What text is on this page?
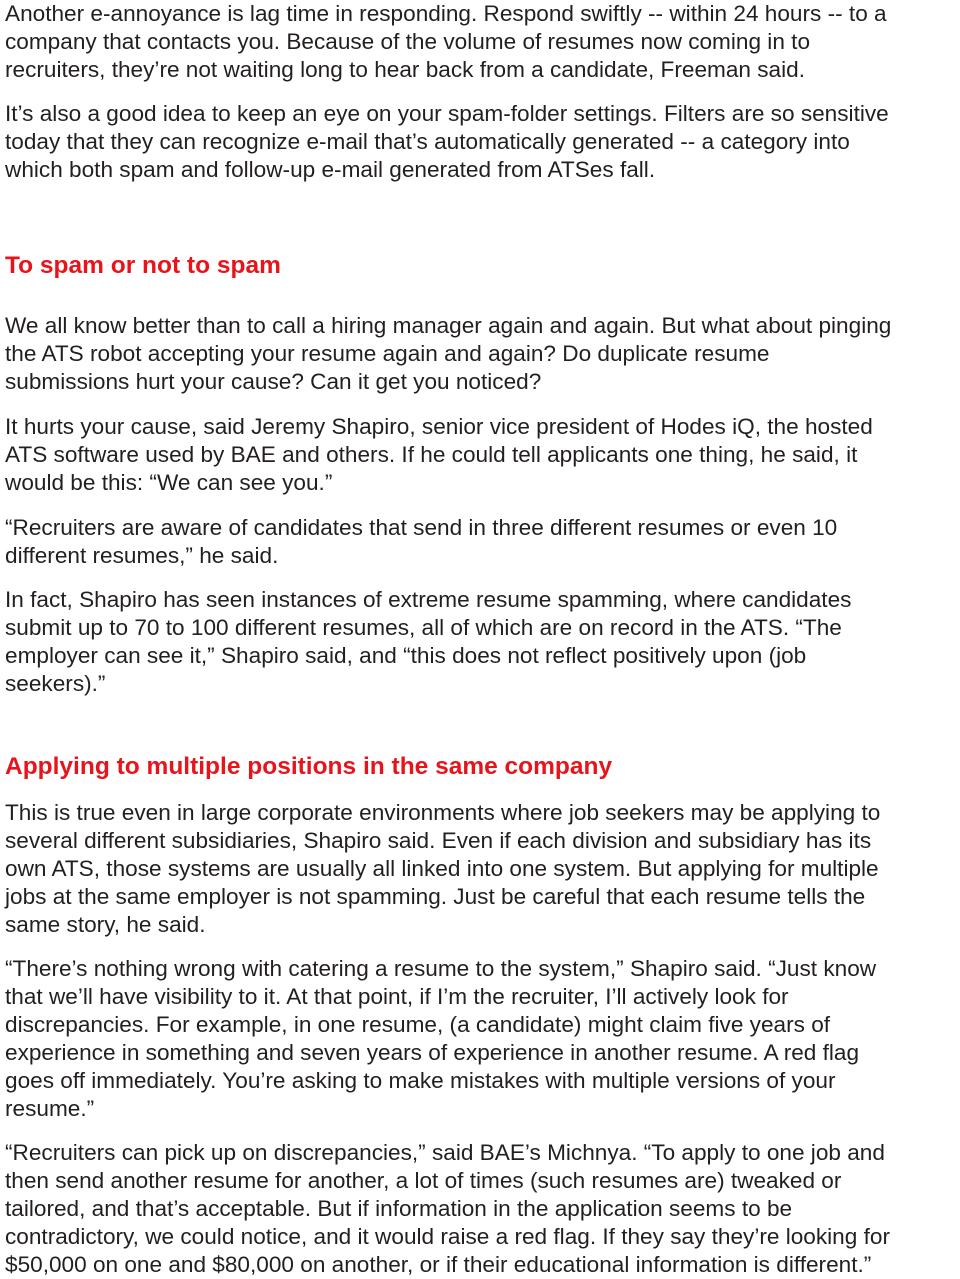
Another e-annoyance is lag time in responding. Respond swiftly -- within 24 hours -- to a
company that contacts you. Because of the volume of resumes now coming in to
recruiters, they’re not waiting long to hear back from a candidate, Freeman said.
It’s also a good idea to keep an eye on your spam-folder settings. Filters are so sensitive
today that they can recognize e-mail that’s automatically generated -- a category into
which both spam and follow-up e-mail generated from ATSes fall.
To spam or not to spam
We all know better than to call a hiring manager again and again. But what about pinging
the ATS robot accepting your resume again and again? Do duplicate resume
submissions hurt your cause? Can it get you noticed?
It hurts your cause, said Jeremy Shapiro, senior vice president of Hodes iQ, the hosted
ATS software used by BAE and others. If he could tell applicants one thing, he said, it
would be this: “We can see you.”
“Recruiters are aware of candidates that send in three different resumes or even 10
different resumes,” he said.
In fact, Shapiro has seen instances of extreme resume spamming, where candidates
submit up to 70 to 100 different resumes, all of which are on record in the ATS. “The
employer can see it,” Shapiro said, and “this does not reflect positively upon (job
seekers).”
Applying to multiple positions in the same company
This is true even in large corporate environments where job seekers may be applying to
several different subsidiaries, Shapiro said. Even if each division and subsidiary has its
own ATS, those systems are usually all linked into one system. But applying for multiple
jobs at the same employer is not spamming. Just be careful that each resume tells the
same story, he said.
“There’s nothing wrong with catering a resume to the system,” Shapiro said. “Just know
that we’ll have visibility to it. At that point, if I’m the recruiter, I’ll actively look for
discrepancies. For example, in one resume, (a candidate) might claim five years of
experience in something and seven years of experience in another resume. A red flag
goes off immediately. You’re asking to make mistakes with multiple versions of your
resume.”
“Recruiters can pick up on discrepancies,” said BAE’s Michnya. “To apply to one job and
then send another resume for another, a lot of times (such resumes are) tweaked or
tailored, and that’s acceptable. But if information in the application seems to be
contradictory, we could notice, and it would raise a red flag. If they say they’re looking for
$50,000 on one and $80,000 on another, or if their educational information is different.”
